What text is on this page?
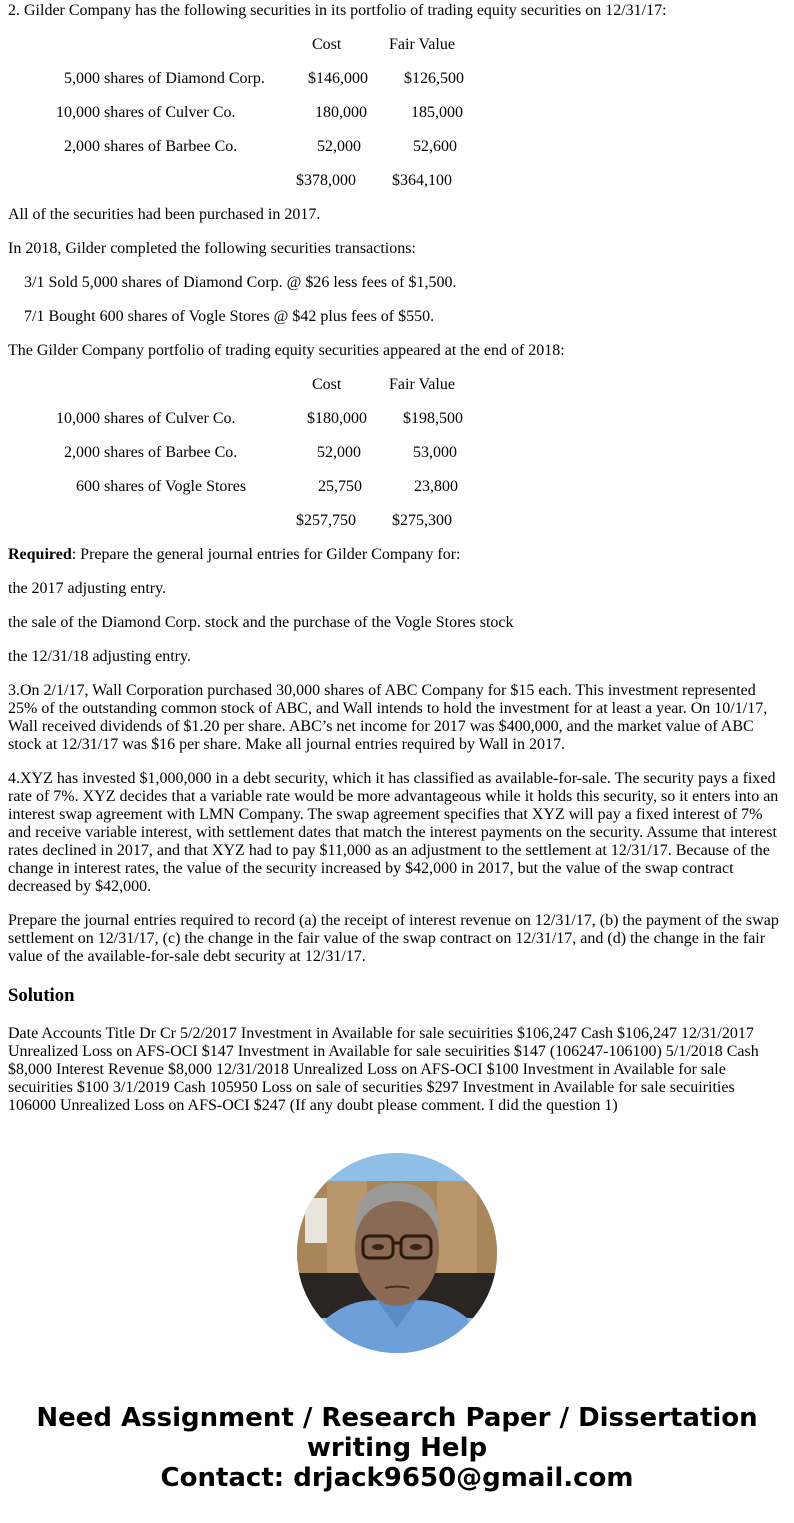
2. Gilder Company has the following securities in its portfolio of trading equity securities on 12/31/17:
Cost	Fair Value
5,000 shares of Diamond Corp.	$146,000 $126,500
10,000 shares of Culver Co.	180,000	185,000
2,000 shares of Barbee Co.	52,000	52,600
$378,000 $364,100
All of the securities had been purchased in 2017.
In 2018, Gilder completed the following securities transactions:
3/1 Sold 5,000 shares of Diamond Corp. @ $26 less fees of $1,500.
7/1 Bought 600 shares of Vogle Stores @ $42 plus fees of $550.
The Gilder Company portfolio of trading equity securities appeared at the end of 2018:
Cost	Fair Value
10,000 shares of Culver Co.	$180,000 $198,500
2,000 shares of Barbee Co.	52,000	53,000
600 shares of Vogle Stores	25,750	23,800
$257,750 $275,300
Required: Prepare the general journal entries for Gilder Company for:
the 2017 adjusting entry.
the sale of the Diamond Corp. stock and the purchase of the Vogle Stores stock
the 12/31/18 adjusting entry.
3.On 2/1/17, Wall Corporation purchased 30,000 shares of ABC Company for $15 each. This investment represented 25% of the outstanding common stock of ABC, and Wall intends to hold the investment for at least a year. On 10/1/17, Wall received dividends of $1.20 per share. ABC’s net income for 2017 was $400,000, and the market value of ABC stock at 12/31/17 was $16 per share. Make all journal entries required by Wall in 2017.
4.XYZ has invested $1,000,000 in a debt security, which it has classified as available-for-sale. The security pays a fixed rate of 7%. XYZ decides that a variable rate would be more advantageous while it holds this security, so it enters into an interest swap agreement with LMN Company. The swap agreement specifies that XYZ will pay a fixed interest of 7% and receive variable interest, with settlement dates that match the interest payments on the security. Assume that interest rates declined in 2017, and that XYZ had to pay $11,000 as an adjustment to the settlement at 12/31/17. Because of the change in interest rates, the value of the security increased by $42,000 in 2017, but the value of the swap contract decreased by $42,000.
Prepare the journal entries required to record (a) the receipt of interest revenue on 12/31/17, (b) the payment of the swap settlement on 12/31/17, (c) the change in the fair value of the swap contract on 12/31/17, and (d) the change in the fair value of the available-for-sale debt security at 12/31/17.
Solution
Date Accounts Title Dr Cr 5/2/2017 Investment in Available for sale secuirities $106,247 Cash $106,247 12/31/2017 Unrealized Loss on AFS-OCI $147 Investment in Available for sale secuirities $147 (106247-106100) 5/1/2018 Cash $8,000 Interest Revenue $8,000 12/31/2018 Unrealized Loss on AFS-OCI $100 Investment in Available for sale secuirities $100 3/1/2019 Cash 105950 Loss on sale of securities $297 Investment in Available for sale secuirities 106000 Unrealized Loss on AFS-OCI $247 (If any doubt please comment. I did the question 1)
Need Assignment / Research Paper / Dissertation
writing Help
Contact: drjack9650@gmail.com
